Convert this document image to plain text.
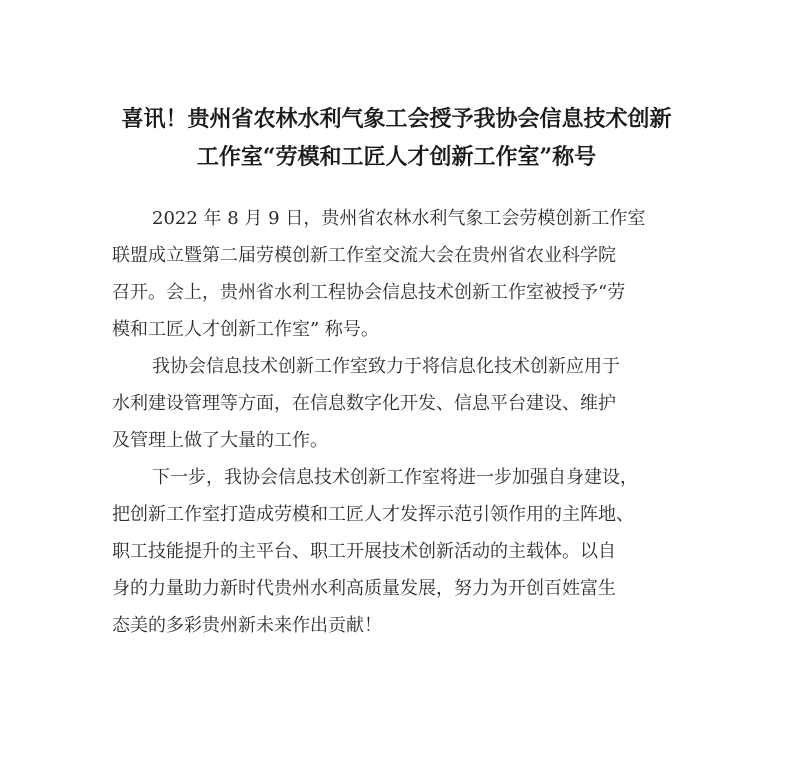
喜讯！贵州省农林水利气象工会授予我协会信息技术创新
工作室“劳模和工匠人才创新工作室”称号

2022 年 8 月 9 日，贵州省农林水利气象工会劳模创新工作室
联盟成立暨第二届劳模创新工作室交流大会在贵州省农业科学院
召开。会上，贵州省水利工程协会信息技术创新工作室被授予“劳
模和工匠人才创新工作室” 称号。

我协会信息技术创新工作室致力于将信息化技术创新应用于
水利建设管理等方面，在信息数字化开发、信息平台建设、维护
及管理上做了大量的工作。

下一步，我协会信息技术创新工作室将进一步加强自身建设，
把创新工作室打造成劳模和工匠人才发挥示范引领作用的主阵地、
职工技能提升的主平台、职工开展技术创新活动的主载体。以自
身的力量助力新时代贵州水利高质量发展，努力为开创百姓富生
态美的多彩贵州新未来作出贡献！
